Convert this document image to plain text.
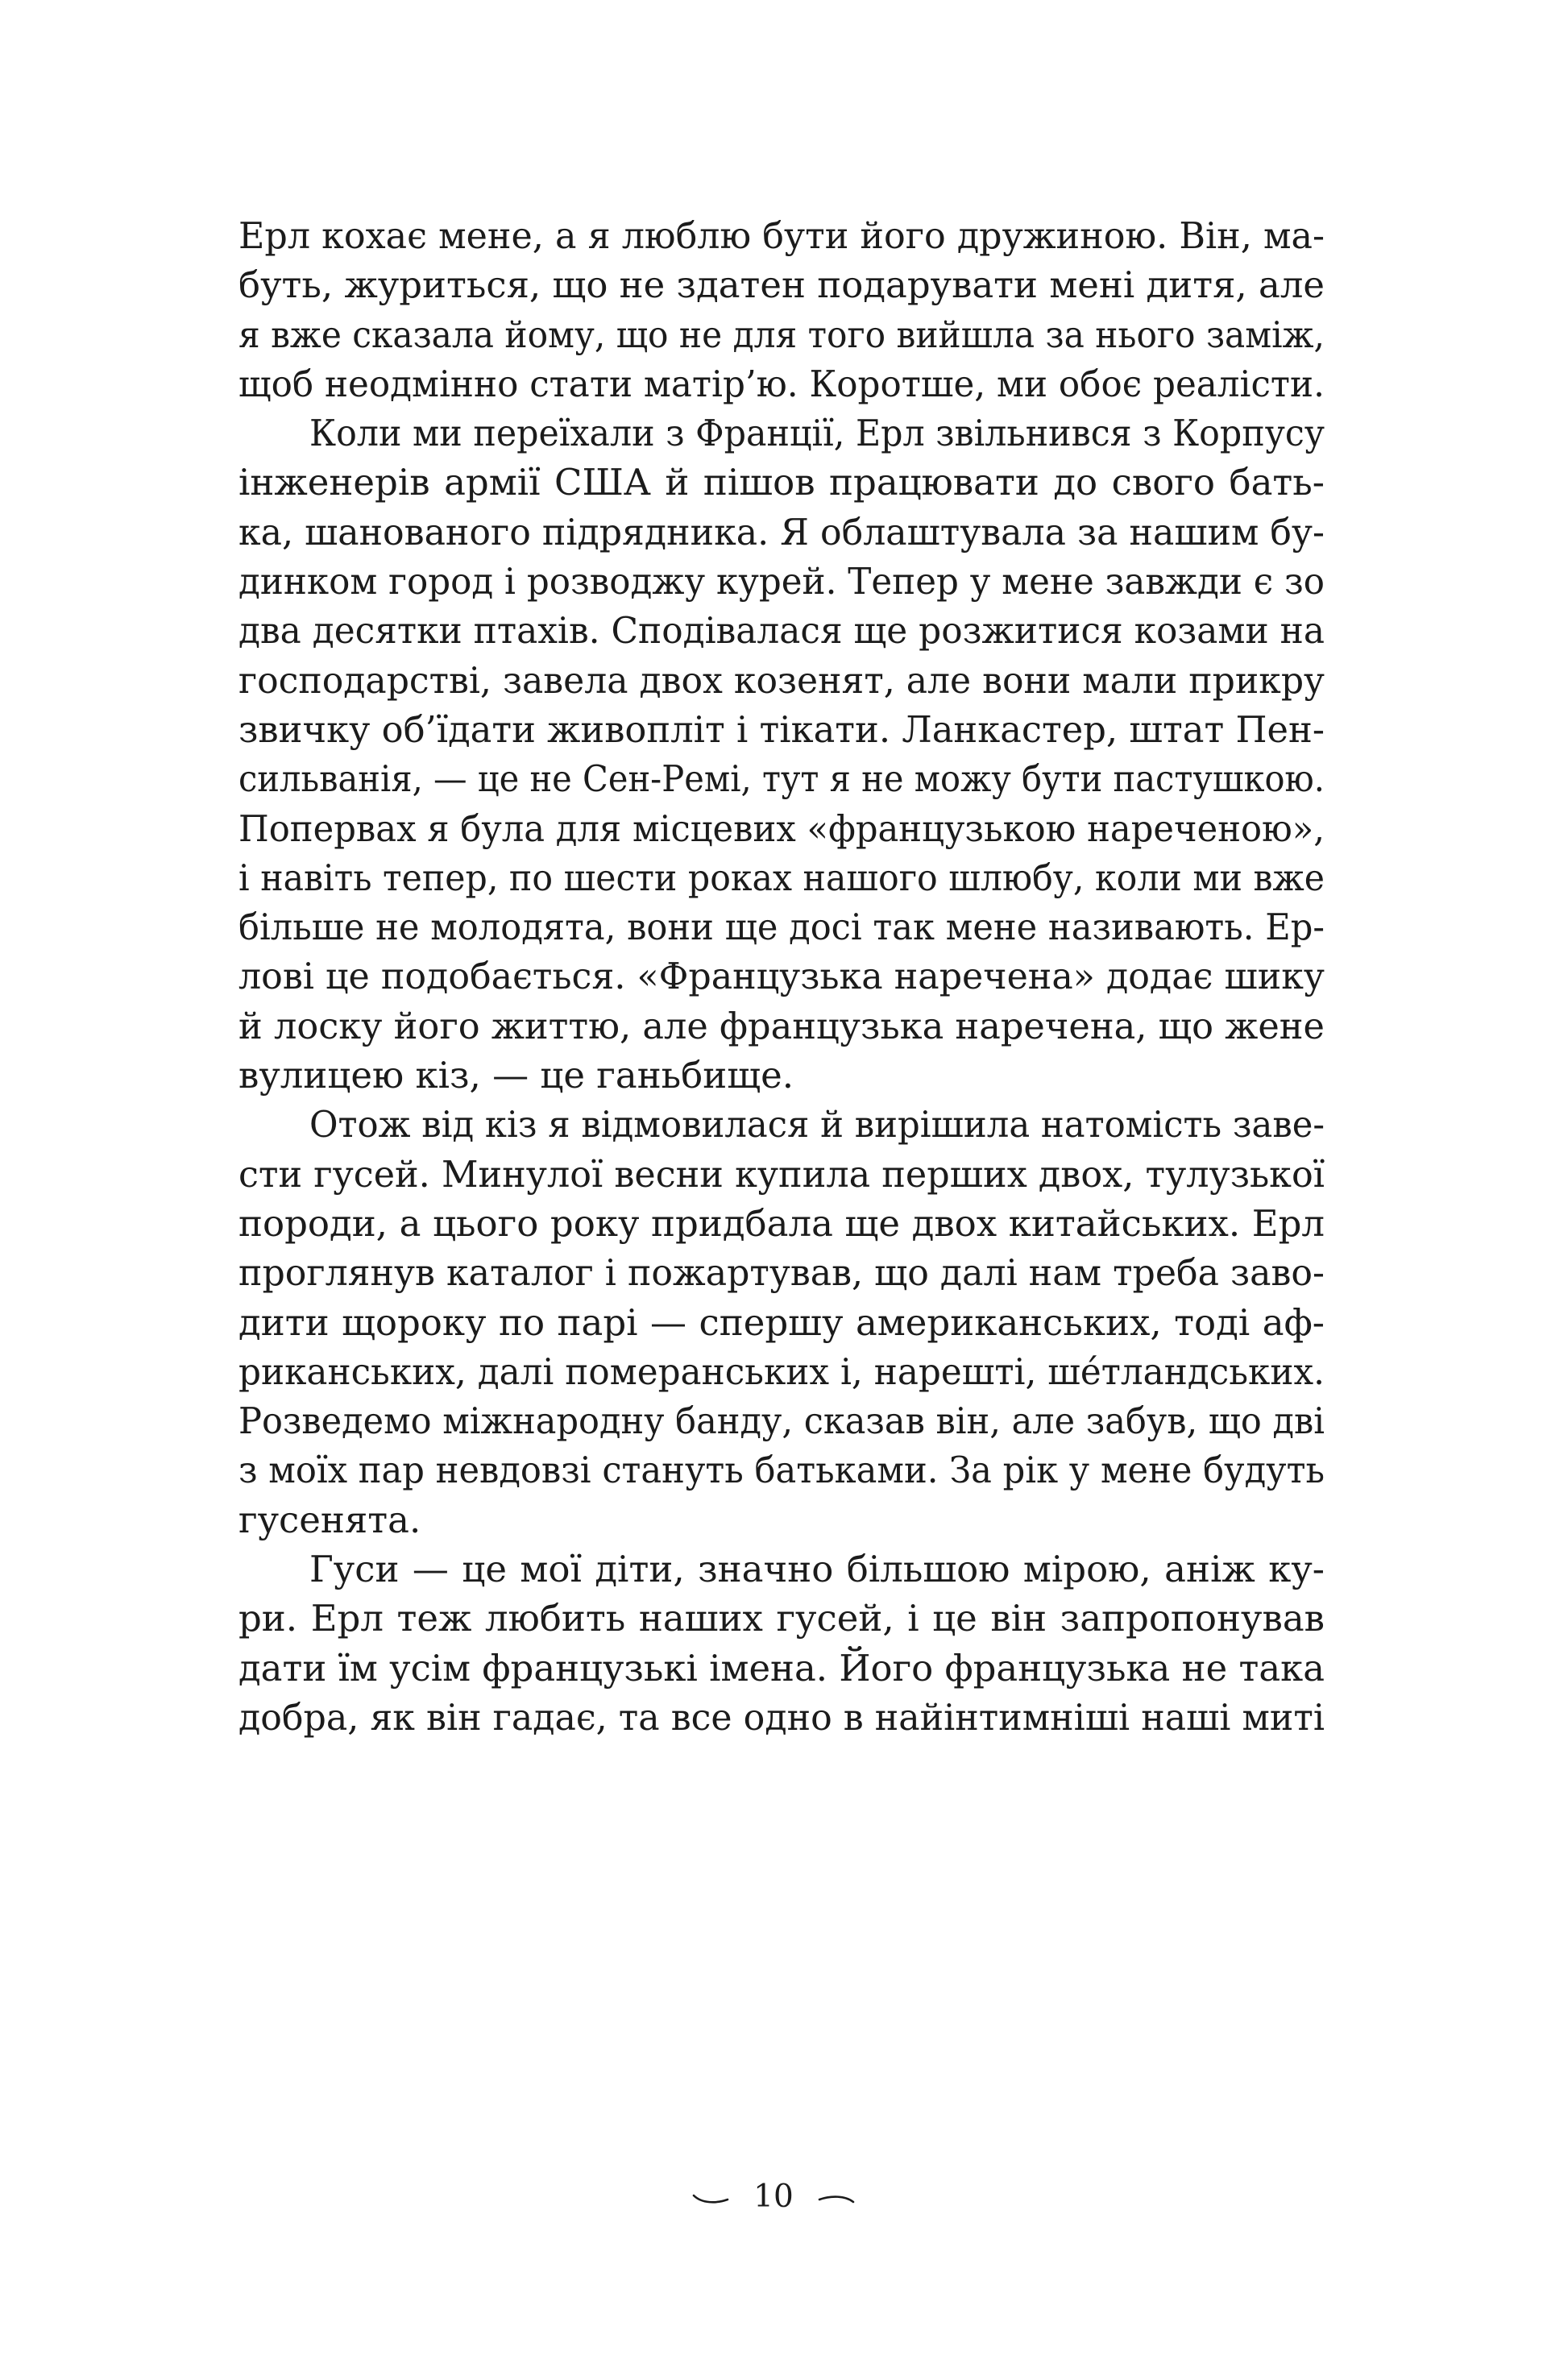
Ерл кохає мене, а я люблю бути його дружиною. Він, ма-
буть, журиться, що не здатен подарувати мені дитя, але
я вже сказала йому, що не для того вийшла за нього заміж,
щоб неодмінно стати матір’ю. Коротше, ми обоє реалісти.
Коли ми переїхали з Франції, Ерл звільнився з Корпусу
інженерів армії США й пішов працювати до свого бать-
ка, шанованого підрядника. Я облаштувала за нашим бу-
динком город і розводжу курей. Тепер у мене завжди є зо
два десятки птахів. Сподівалася ще розжитися козами на
господарстві, завела двох козенят, але вони мали прикру
звичку об’їдати живопліт і тікати. Ланкастер, штат Пен-
сильванія, — це не Сен-Ремі, тут я не можу бути пастушкою.
Попервах я була для місцевих «французькою нареченою»,
і навіть тепер, по шести роках нашого шлюбу, коли ми вже
більше не молодята, вони ще досі так мене називають. Ер-
лові це подобається. «Французька наречена» додає шику
й лоску його життю, але французька наречена, що жене
вулицею кіз, — це ганьбище.
Отож від кіз я відмовилася й вирішила натомість заве-
сти гусей. Минулої весни купила перших двох, тулузької
породи, а цього року придбала ще двох китайських. Ерл
проглянув каталог і пожартував, що далі нам треба заво-
дити щороку по парі — спершу американських, тоді аф-
риканських, далі померанських і, нарешті, ше́тландських.
Розведемо міжнародну банду, сказав він, але забув, що дві
з моїх пар невдовзі стануть батьками. За рік у мене будуть
гусенята.
Гуси — це мої діти, значно більшою мірою, аніж ку-
ри. Ерл теж любить наших гусей, і це він запропонував
дати їм усім французькі імена. Його французька не така
добра, як він гадає, та все одно в найінтимніші наші миті
10
